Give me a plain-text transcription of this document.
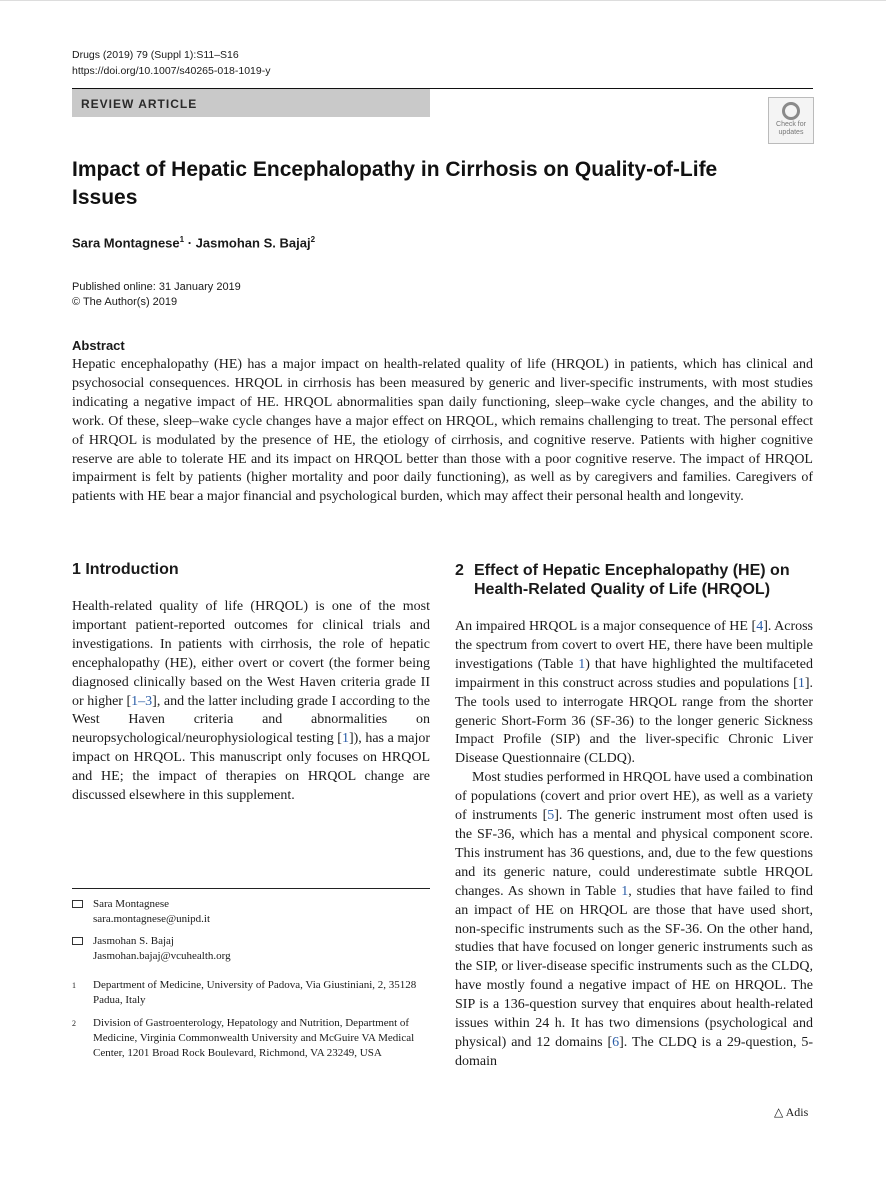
Drugs (2019) 79 (Suppl 1):S11–S16
https://doi.org/10.1007/s40265-018-1019-y
REVIEW ARTICLE
Check for
updates
Impact of Hepatic Encephalopathy in Cirrhosis on Quality-of-Life Issues
Sara Montagnese$^1$ · Jasmohan S. Bajaj$^2$
Published online: 31 January 2019
© The Author(s) 2019
Abstract
Hepatic encephalopathy (HE) has a major impact on health-related quality of life (HRQOL) in patients, which has clinical and psychosocial consequences. HRQOL in cirrhosis has been measured by generic and liver-specific instruments, with most studies indicating a negative impact of HE. HRQOL abnormalities span daily functioning, sleep–wake cycle changes, and the ability to work. Of these, sleep–wake cycle changes have a major effect on HRQOL, which remains challenging to treat. The personal effect of HRQOL is modulated by the presence of HE, the etiology of cirrhosis, and cognitive reserve. Patients with higher cognitive reserve are able to tolerate HE and its impact on HRQOL better than those with a poor cognitive reserve. The impact of HRQOL impairment is felt by patients (higher mortality and poor daily functioning), as well as by caregivers and families. Caregivers of patients with HE bear a major financial and psychological burden, which may affect their personal health and longevity.
1 Introduction	2 Effect of Hepatic Encephalopathy (HE) on Health-Related Quality of Life (HRQOL)
Health-related quality of life (HRQOL) is one of the most important patient-reported outcomes for clinical trials and investigations. In patients with cirrhosis, the role of hepatic encephalopathy (HE), either overt or covert (the former being diagnosed clinically based on the West Haven criteria grade II or higher [1–3], and the latter including grade I according to the West Haven criteria and abnormalities on neuropsychological/neurophysiological testing [1]), has a major impact on HRQOL. This manuscript only focuses on HRQOL and HE; the impact of therapies on HRQOL change are discussed elsewhere in this supplement.

An impaired HRQOL is a major consequence of HE [4]. Across the spectrum from covert to overt HE, there have been multiple investigations (Table 1) that have highlighted the multifaceted impairment in this construct across studies and populations [1]. The tools used to interrogate HRQOL range from the shorter generic Short-Form 36 (SF-36) to the longer generic Sickness Impact Profile (SIP) and the liver-specific Chronic Liver Disease Questionnaire (CLDQ).

Most studies performed in HRQOL have used a combination of populations (covert and prior overt HE), as well as a variety of instruments [5]. The generic instrument most often used is the SF-36, which has a mental and physical component score. This instrument has 36 questions, and, due to the few questions and its generic nature, could underestimate subtle HRQOL changes. As shown in Table 1, studies that have failed to find an impact of HE on HRQOL are those that have used short, non-specific instruments such as the SF-36. On the other hand, studies that have focused on longer generic instruments such as the SIP, or liver-disease specific instruments such as the CLDQ, have mostly found a negative impact of HE on HRQOL. The SIP is a 136-question survey that enquires about health-related issues within 24 h. It has two dimensions (psychological and physical) and 12 domains [6]. The CLDQ is a 29-question, 5-domain

Sara Montagnese
sara.montagnese@unipd.it
Jasmohan S. Bajaj
Jasmohan.bajaj@vcuhealth.org
1	Department of Medicine, University of Padova, Via Giustiniani, 2, 35128 Padua, Italy
2	Division of Gastroenterology, Hepatology and Nutrition, Department of Medicine, Virginia Commonwealth University and McGuire VA Medical Center, 1201 Broad Rock Boulevard, Richmond, VA 23249, USA
△ Adis
